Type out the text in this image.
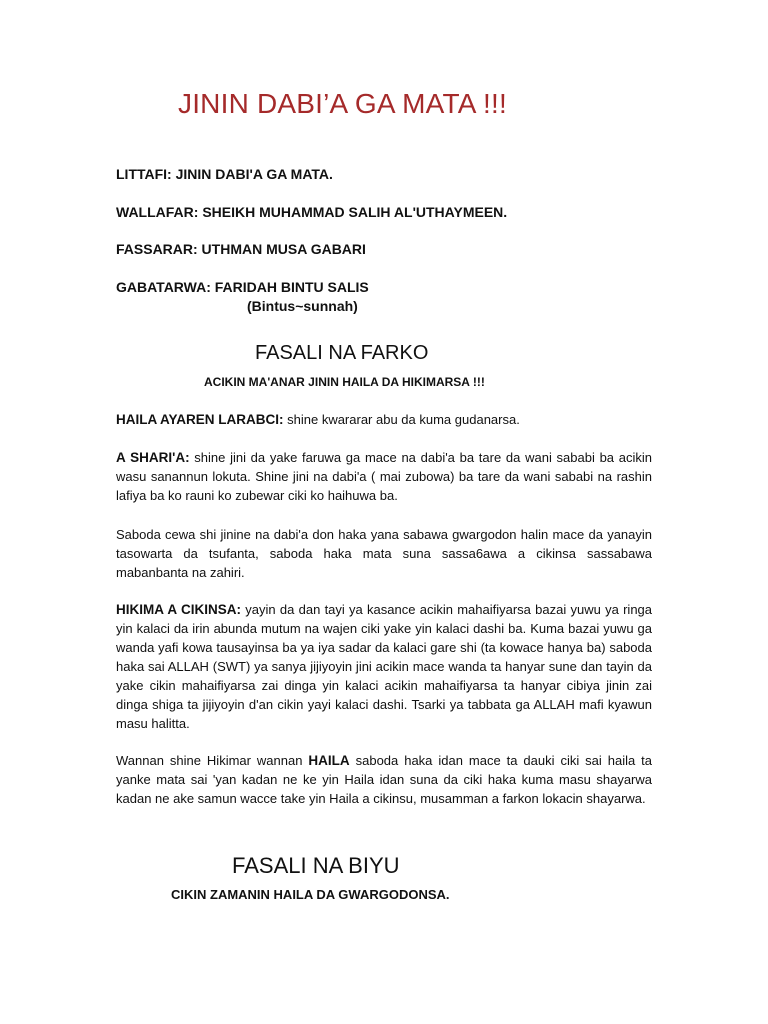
JININ DABI’A GA MATA !!!
LITTAFI: JININ DABI'A GA MATA.
WALLAFAR: SHEIKH MUHAMMAD SALIH AL'UTHAYMEEN.
FASSARAR: UTHMAN MUSA GABARI
GABATARWA: FARIDAH BINTU SALIS
(Bintus~sunnah)
FASALI NA FARKO
ACIKIN MA'ANAR JININ HAILA DA HIKIMARSA !!!
HAILA AYAREN LARABCI: shine kwararar abu da kuma gudanarsa.
A SHARI'A: shine jini da yake faruwa ga mace na dabi'a ba tare da wani sababi ba acikin wasu sanannun lokuta. Shine jini na dabi'a ( mai zubowa) ba tare da wani sababi na rashin lafiya ba ko rauni ko zubewar ciki ko haihuwa ba.
Saboda cewa shi jinine na dabi'a don haka yana sabawa gwargodon halin mace da yanayin tasowarta da tsufanta, saboda haka mata suna sassa6awa a cikinsa sassabawa mabanbanta na zahiri.
HIKIMA A CIKINSA: yayin da dan tayi ya kasance acikin mahaifiyarsa bazai yuwu ya ringa yin kalaci da irin abunda mutum na wajen ciki yake yin kalaci dashi ba. Kuma bazai yuwu ga wanda yafi kowa tausayinsa ba ya iya sadar da kalaci gare shi (ta kowace hanya ba) saboda haka sai ALLAH (SWT) ya sanya jijiyoyin jini acikin mace wanda ta hanyar sune dan tayin da yake cikin mahaifiyarsa zai dinga yin kalaci acikin mahaifiyarsa ta hanyar cibiya jinin zai dinga shiga ta jijiyoyin d'an cikin yayi kalaci dashi. Tsarki ya tabbata ga ALLAH mafi kyawun masu halitta.
Wannan shine Hikimar wannan HAILA saboda haka idan mace ta dauki ciki sai haila ta yanke mata sai 'yan kadan ne ke yin Haila idan suna da ciki haka kuma masu shayarwa kadan ne ake samun wacce take yin Haila a cikinsu, musamman a farkon lokacin shayarwa.
FASALI NA BIYU
CIKIN ZAMANIN HAILA DA GWARGODONSA.
